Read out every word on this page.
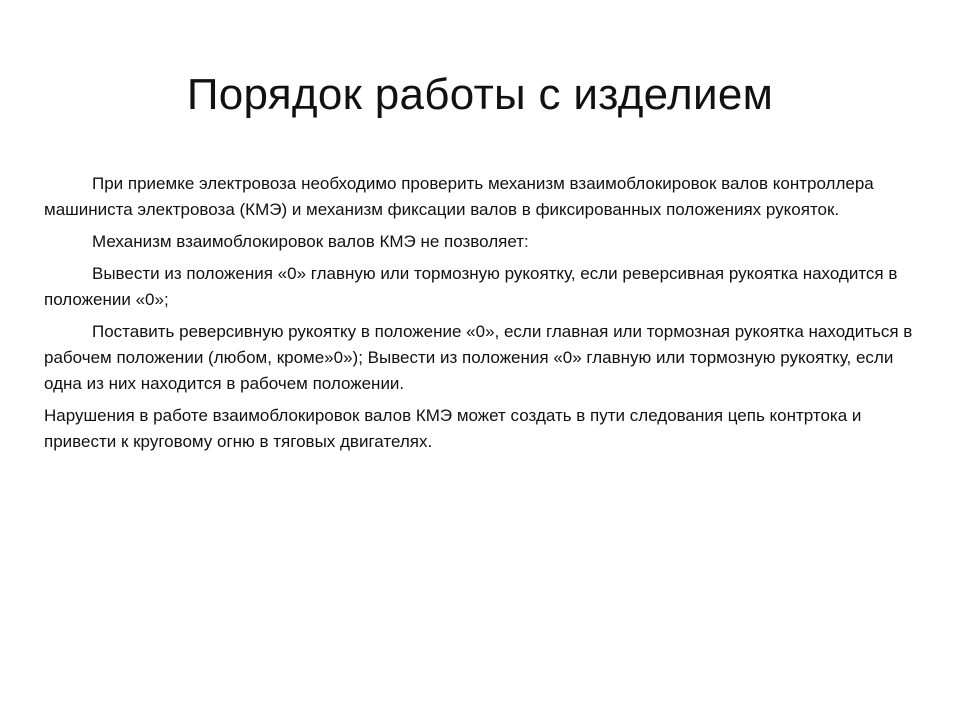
Порядок работы с изделием

При приемке электровоза необходимо проверить механизм взаимоблокировок валов контроллера машиниста электровоза (КМЭ) и механизм фиксации валов в фиксированных положениях рукояток.

Механизм взаимоблокировок валов КМЭ не позволяет:

Вывести из положения «0» главную или тормозную рукоятку, если реверсивная рукоятка находится в положении «0»;

Поставить реверсивную рукоятку в положение «0», если главная или тормозная рукоятка находиться в рабочем положении (любом, кроме»0»); Вывести из положения «0» главную или тормозную рукоятку, если одна из них находится в рабочем положении.

Нарушения в работе взаимоблокировок валов КМЭ может создать в пути следования цепь контртока и привести к круговому огню в тяговых двигателях.
